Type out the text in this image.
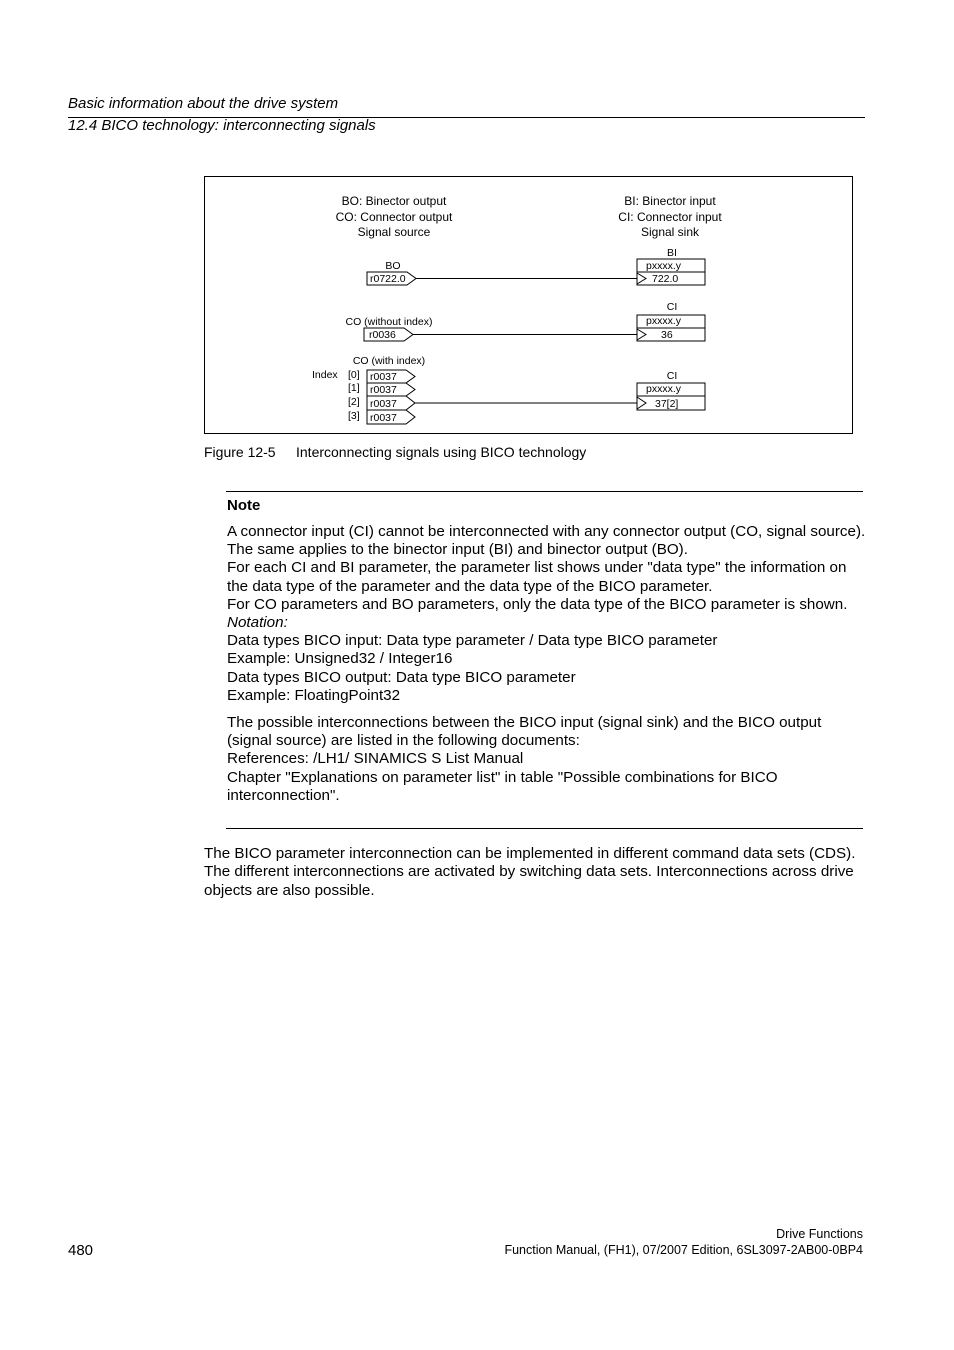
Basic information about the drive system
12.4 BICO technology: interconnecting signals
BO: Binector output
CO: Connector output
Signal source
BI: Binector input
CI: Connector input
Signal sink
BO
r0722.0
BI
pxxxx.y
722.0
CO (without index)
r0036
CI
pxxxx.y
36
CO (with index)
Index [0]
[1]
[2]
[3]
r0037
r0037
r0037
r0037
CI
pxxxx.y
37[2]
Figure 12-5 Interconnecting signals using BICO technology
Note

A connector input (CI) cannot be interconnected with any connector output (CO, signal source). The same applies to the binector input (BI) and binector output (BO).

For each CI and BI parameter, the parameter list shows under "data type" the information on the data type of the parameter and the data type of the BICO parameter.

For CO parameters and BO parameters, only the data type of the BICO parameter is shown.

Notation:

Data types BICO input: Data type parameter / Data type BICO parameter

Example: Unsigned32 / Integer16

Data types BICO output: Data type BICO parameter

Example: FloatingPoint32

The possible interconnections between the BICO input (signal sink) and the BICO output (signal source) are listed in the following documents:

References: /LH1/ SINAMICS S List Manual

Chapter "Explanations on parameter list" in table "Possible combinations for BICO interconnection".

The BICO parameter interconnection can be implemented in different command data sets (CDS). The different interconnections are activated by switching data sets. Interconnections across drive objects are also possible.
480
Drive Functions
Function Manual, (FH1), 07/2007 Edition, 6SL3097-2AB00-0BP4
